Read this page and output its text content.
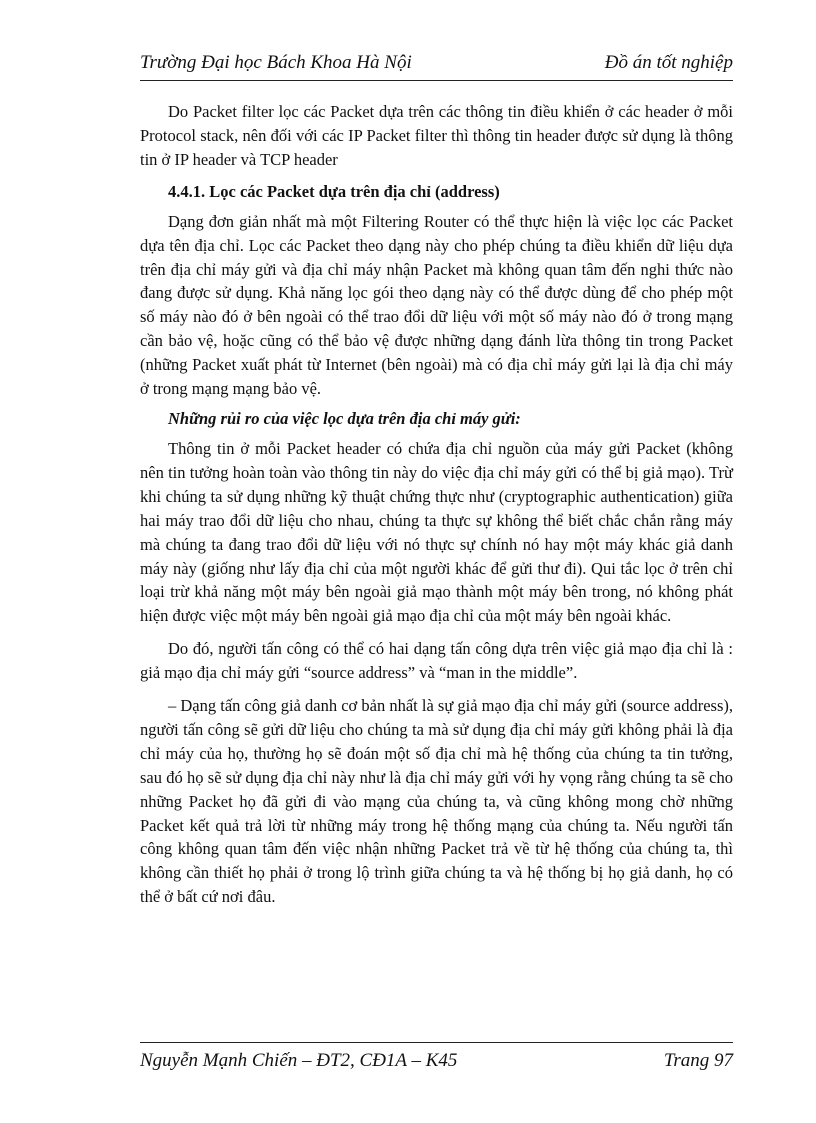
Trường Đại học Bách Khoa Hà Nội	Đồ án tốt nghiệp

Do Packet filter lọc các Packet dựa trên các thông tin điều khiển ở các header ở mỗi Protocol stack, nên đối với các IP Packet filter thì thông tin header được sử dụng là thông tin ở IP header và TCP header

4.4.1. Lọc các Packet dựa trên địa chỉ (address)

Dạng đơn giản nhất mà một Filtering Router có thể thực hiện là việc lọc các Packet dựa tên địa chỉ. Lọc các Packet theo dạng này cho phép chúng ta điều khiển dữ liệu dựa trên địa chỉ máy gửi và địa chỉ máy nhận Packet mà không quan tâm đến nghi thức nào đang được sử dụng. Khả năng lọc gói theo dạng này có thể được dùng để cho phép một số máy nào đó ở bên ngoài có thể trao đổi dữ liệu với một số máy nào đó ở trong mạng cần bảo vệ, hoặc cũng có thể bảo vệ được những dạng đánh lừa thông tin trong Packet (những Packet xuất phát từ Internet (bên ngoài) mà có địa chỉ máy gửi lại là địa chỉ máy ở trong mạng mạng bảo vệ.

Những rủi ro của việc lọc dựa trên địa chỉ máy gửi:

Thông tin ở mỗi Packet header có chứa địa chỉ nguồn của máy gửi Packet (không nên tin tưởng hoàn toàn vào thông tin này do việc địa chỉ máy gửi có thể bị giả mạo). Trừ khi chúng ta sử dụng những kỹ thuật chứng thực như (cryptographic authentication) giữa hai máy trao đổi dữ liệu cho nhau, chúng ta thực sự không thể biết chắc chắn rằng máy mà chúng ta đang trao đổi dữ liệu với nó thực sự chính nó hay một máy khác giả danh máy này (giống như lấy địa chỉ của một người khác để gửi thư đi). Qui tắc lọc ở trên chỉ loại trừ khả năng một máy bên ngoài giả mạo thành một máy bên trong, nó không phát hiện được việc một máy bên ngoài giả mạo địa chỉ của một máy bên ngoài khác.

Do đó, người tấn công có thể có hai dạng tấn công dựa trên việc giả mạo địa chỉ là : giả mạo địa chỉ máy gửi “source address” và “man in the middle”.

– Dạng tấn công giả danh cơ bản nhất là sự giả mạo địa chỉ máy gửi (source address), người tấn công sẽ gửi dữ liệu cho chúng ta mà sử dụng địa chỉ máy gửi không phải là địa chỉ máy của họ, thường họ sẽ đoán một số địa chỉ mà hệ thống của chúng ta tin tưởng, sau đó họ sẽ sử dụng địa chỉ này như là địa chỉ máy gửi với hy vọng rằng chúng ta sẽ cho những Packet họ đã gửi đi vào mạng của chúng ta, và cũng không mong chờ những Packet kết quả trả lời từ những máy trong hệ thống mạng của chúng ta. Nếu người tấn công không quan tâm đến việc nhận những Packet trả về từ hệ thống của chúng ta, thì không cần thiết họ phải ở trong lộ trình giữa chúng ta và hệ thống bị họ giả danh, họ có thể ở bất cứ nơi đâu.

Nguyễn Mạnh Chiến – ĐT2, CĐ1A – K45	Trang 97
